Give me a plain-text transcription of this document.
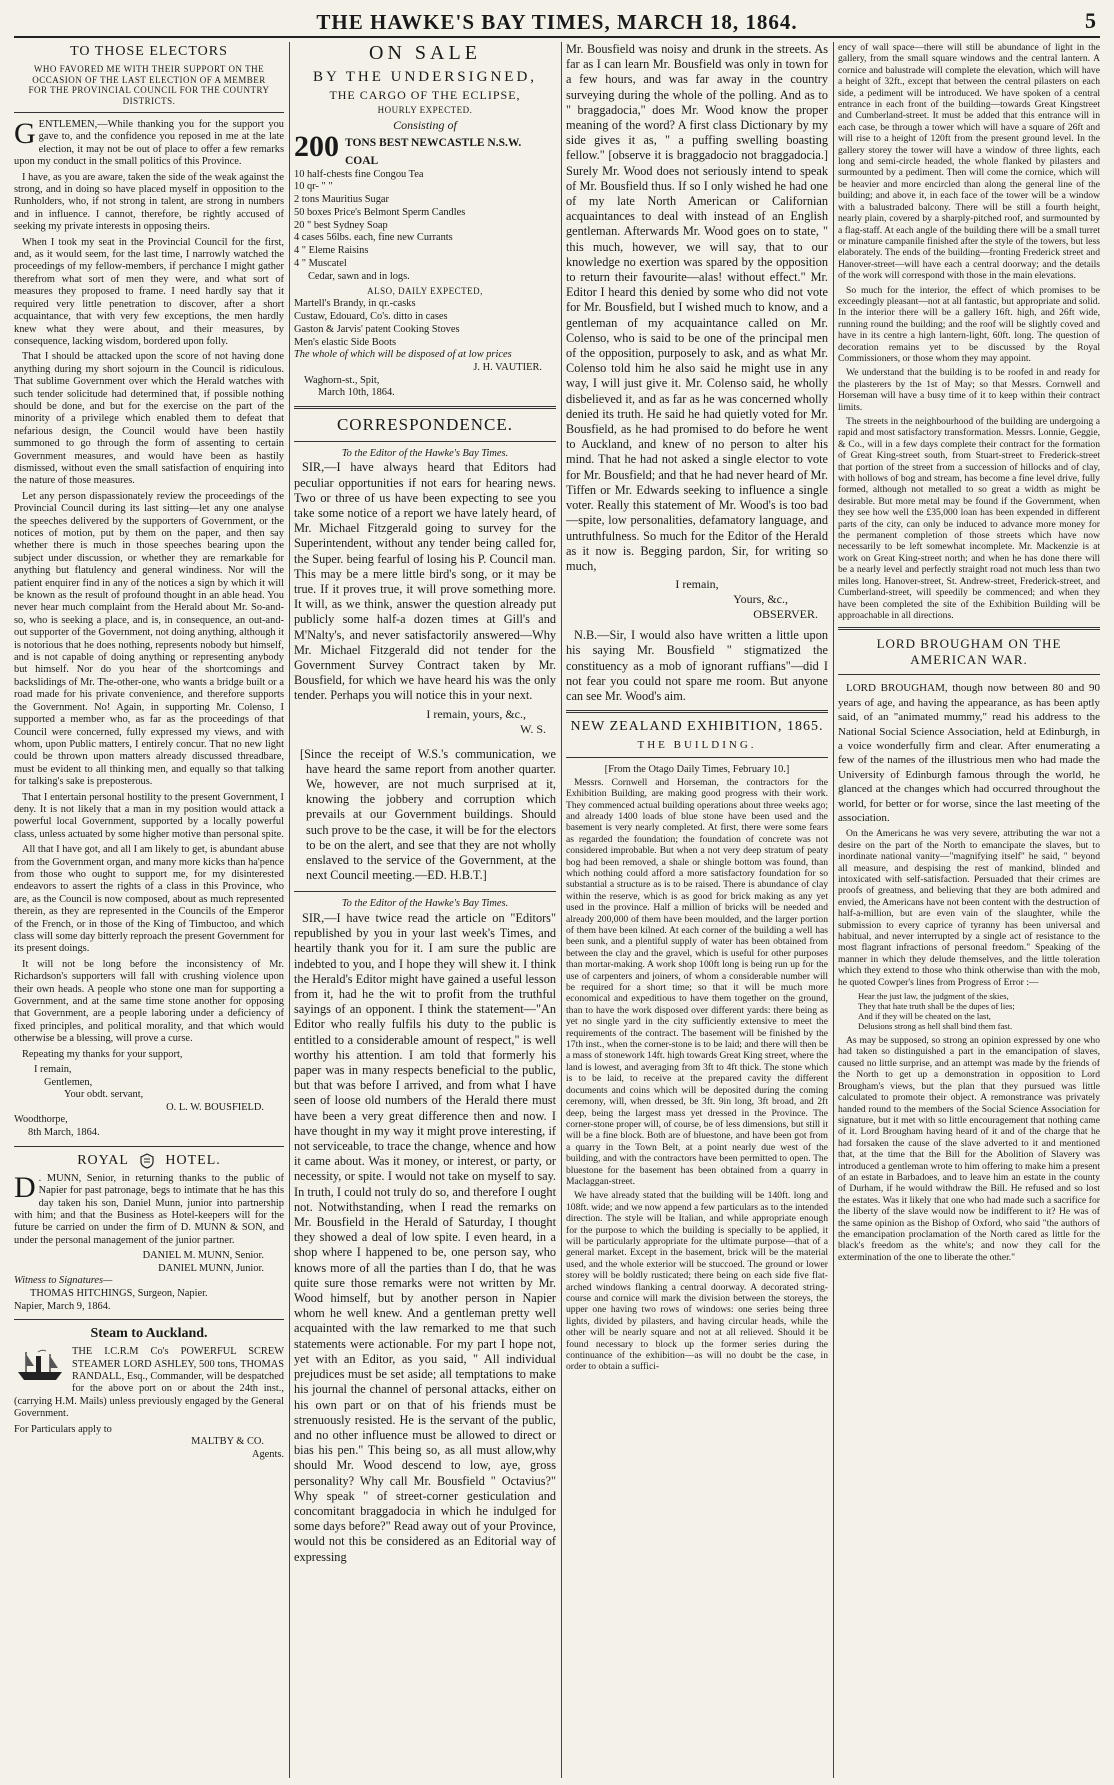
THE HAWKE'S BAY TIMES, MARCH 18, 1864.	5
TO THOSE ELECTORS
WHO FAVORED ME WITH THEIR SUPPORT ON THE OCCASION OF THE LAST ELECTION OF A MEMBER FOR THE PROVINCIAL COUNCIL FOR THE COUNTRY DISTRICTS.

GENTLEMEN,—While thanking you for the support you gave to, and the confidence you reposed in me at the late election, it may not be out of place to offer a few remarks upon my conduct in the small politics of this Province.

I have, as you are aware, taken the side of the weak against the strong, and in doing so have placed myself in opposition to the Runholders, who, if not strong in talent, are strong in numbers and in influence. I cannot, therefore, be rightly accused of seeking my private interests in opposing theirs.

When I took my seat in the Provincial Council for the first, and, as it would seem, for the last time, I narrowly watched the proceedings of my fellow-members, if perchance I might gather therefrom what sort of men they were, and what sort of measures they proposed to frame. I need hardly say that it required very little penetration to discover, after a short acquaintance, that with very few exceptions, the men hardly knew what they were about, and their measures, by consequence, lacking wisdom, bordered upon folly.

That I should be attacked upon the score of not having done anything during my short sojourn in the Council is ridiculous. That sublime Government over which the Herald watches with such tender solicitude had determined that, if possible nothing should be done, and but for the exercise on the part of the minority of a privilege which enabled them to defeat that nefarious design, the Council would have been hastily summoned to go through the form of assenting to certain Government measures, and would have been as hastily dismissed, without even the small satisfaction of enquiring into the nature of those measures.

Let any person dispassionately review the proceedings of the Provincial Council during its last sitting—let any one analyse the speeches delivered by the supporters of Government, or the notices of motion, put by them on the paper, and then say whether there is much in those speeches bearing upon the subject under discussion, or whether they are remarkable for anything but flatulency and general windiness. Nor will the patient enquirer find in any of the notices a sign by which it will be known as the result of profound thought in an able head. You never hear much complaint from the Herald about Mr. So-and-so, who is seeking a place, and is, in consequence, an out-and-out supporter of the Government, not doing anything, although it is notorious that he does nothing, represents nobody but himself, and is not capable of doing anything or representing anybody but himself. Nor do you hear of the shortcomings and backslidings of Mr. The-other-one, who wants a bridge built or a road made for his private convenience, and therefore supports the Government. No! Again, in supporting Mr. Colenso, I supported a member who, as far as the proceedings of that Council were concerned, fully expressed my views, and with whom, upon Public matters, I entirely concur. That no new light could be thrown upon matters already discussed threadbare, must be evident to all thinking men, and equally so that talking for talking's sake is preposterous.

That I entertain personal hostility to the present Government, I deny. It is not likely that a man in my position would attack a powerful local Government, supported by a locally powerful class, unless actuated by some higher motive than personal spite.

All that I have got, and all I am likely to get, is abundant abuse from the Government organ, and many more kicks than ha'pence from those who ought to support me, for my disinterested endeavors to assert the rights of a class in this Province, who are, as the Council is now composed, about as much represented therein, as they are represented in the Councils of the Emperor of the French, or in those of the King of Timbuctoo, and which class will some day bitterly reproach the present Government for its present doings.

It will not be long before the inconsistency of Mr. Richardson's supporters will fall with crushing violence upon their own heads. A people who stone one man for supporting a Government, and at the same time stone another for opposing that Government, are a people laboring under a deficiency of fixed principles, and political morality, and that which would otherwise be a blessing, will prove a curse.

Repeating my thanks for your support,

I remain,
Gentlemen,
Your obdt. servant,
O. L. W. BOUSFIELD.
Woodthorpe,
8th March, 1864.
ROYAL	HOTEL.

D . MUNN, Senior, in returning thanks to the public of Napier for past patronage, begs to intimate that he has this day taken his son, Daniel Munn, junior into partnership with him; and that the Business as Hotel-keepers will for the future be carried on under the firm of D. MUNN & SON, and under the personal management of the junior partner.

DANIEL M. MUNN, Senior.
DANIEL MUNN, Junior.
Witness to Signatures—
THOMAS HITCHINGS, Surgeon, Napier.
Napier, March 9, 1864.
Steam to Auckland.

THE I.C.R.M Co's POWERFUL SCREW STEAMER LORD ASHLEY, 500 tons, THOMAS RANDALL, Esq., Commander, will be despatched for the above port on or about the 24th inst., (carrying H.M. Mails) unless previously engaged by the General Government.

For Particulars apply to
MALTBY & CO.
Agents.
ON SALE
BY THE UNDERSIGNED,
THE CARGO OF THE ECLIPSE,
HOURLY EXPECTED.
Consisting of
200 TONS BEST NEWCASTLE N.S.W. COAL
10 half-chests fine Congou Tea
10 qr- " "
2 tons Mauritius Sugar
50 boxes Price's Belmont Sperm Candles
20 " best Sydney Soap
4 cases 56lbs. each, fine new Currants
4 " Eleme Raisins
4 " Muscatel
Cedar, sawn and in logs.
ALSO, DAILY EXPECTED,
Martell's Brandy, in qr.-casks
Custaw, Edouard, Co's. ditto in cases
Gaston & Jarvis' patent Cooking Stoves
Men's elastic Side Boots
The whole of which will be disposed of at low prices
J. H. VAUTIER.
Waghorn-st., Spit,
March 10th, 1864.
CORRESPONDENCE.
To the Editor of the Hawke's Bay Times.

SIR,—I have always heard that Editors had peculiar opportunities if not ears for hearing news. Two or three of us have been expecting to see you take some notice of a report we have lately heard, of Mr. Michael Fitzgerald going to survey for the Superintendent, without any tender being called for, the Super. being fearful of losing his P. Council man. This may be a mere little bird's song, or it may be true. If it proves true, it will prove something more. It will, as we think, answer the question already put publicly some half-a dozen times at Gill's and M'Nalty's, and never satisfactorily answered—Why Mr. Michael Fitzgerald did not tender for the Government Survey Contract taken by Mr. Bousfield, for which we have heard his was the only tender. Perhaps you will notice this in your next.

I remain, yours, &c.,
W. S.

[Since the receipt of W.S.'s communication, we have heard the same report from another quarter. We, however, are not much surprised at it, knowing the jobbery and corruption which prevails at our Government buildings. Should such prove to be the case, it will be for the electors to be on the alert, and see that they are not wholly enslaved to the service of the Government, at the next Council meeting.—ED. H.B.T.]

To the Editor of the Hawke's Bay Times.

SIR,—I have twice read the article on "Editors" republished by you in your last week's Times, and heartily thank you for it. I am sure the public are indebted to you, and I hope they will shew it. I think the Herald's Editor might have gained a useful lesson from it, had he the wit to profit from the truthful sayings of an opponent. I think the statement—"An Editor who really fulfils his duty to the public is entitled to a considerable amount of respect," is well worthy his attention. I am told that formerly his paper was in many respects beneficial to the public, but that was before I arrived, and from what I have seen of loose old numbers of the Herald there must have been a very great difference then and now. I have thought in my way it might prove interesting, if not serviceable, to trace the change, whence and how it came about. Was it money, or interest, or party, or necessity, or spite. I would not take on myself to say. In truth, I could not truly do so, and therefore I ought not. Notwithstanding, when I read the remarks on Mr. Bousfield in the Herald of Saturday, I thought they showed a deal of low spite. I even heard, in a shop where I happened to be, one person say, who knows more of all the parties than I do, that he was quite sure those remarks were not written by Mr. Wood himself, but by another person in Napier whom he well knew. And a gentleman pretty well acquainted with the law remarked to me that such statements were actionable. For my part I hope not, yet with an Editor, as you said, " All individual prejudices must be set aside; all temptations to make his journal the channel of personal attacks, either on his own part or on that of his friends must be strenuously resisted. He is the servant of the public, and no other influence must be allowed to direct or bias his pen." This being so, as all must allow,why should Mr. Wood descend to low, aye, gross personality? Why call Mr. Bousfield " Octavius?" Why speak " of street-corner gesticulation and concomitant braggadocia in which he indulged for some days before?" Read away out of your Province, would not this be considered as an Editorial way of expressing

Mr. Bousfield was noisy and drunk in the streets. As far as I can learn Mr. Bousfield was only in town for a few hours, and was far away in the country surveying during the whole of the polling. And as to " braggadocia," does Mr. Wood know the proper meaning of the word? A first class Dictionary by my side gives it as, " a puffing swelling boasting fellow." [observe it is braggadocio not braggadocia.] Surely Mr. Wood does not seriously intend to speak of Mr. Bousfield thus. If so I only wished he had one of my late North American or Californian acquaintances to deal with instead of an English gentleman. Afterwards Mr. Wood goes on to state, " this much, however, we will say, that to our knowledge no exertion was spared by the opposition to return their favourite—alas! without effect." Mr. Editor I heard this denied by some who did not vote for Mr. Bousfield, but I wished much to know, and a gentleman of my acquaintance called on Mr. Colenso, who is said to be one of the principal men of the opposition, purposely to ask, and as what Mr. Colenso told him he also said he might use in any way, I will just give it. Mr. Colenso said, he wholly disbelieved it, and as far as he was concerned wholly denied its truth. He said he had quietly voted for Mr. Bousfield, as he had promised to do before he went to Auckland, and knew of no person to alter his mind. That he had not asked a single elector to vote for Mr. Bousfield; and that he had never heard of Mr. Tiffen or Mr. Edwards seeking to influence a single voter. Really this statement of Mr. Wood's is too bad—spite, low personalities, defamatory language, and untruthfulness. So much for the Editor of the Herald as it now is. Begging pardon, Sir, for writing so much,

I remain,
Yours, &c.,
OBSERVER.

N.B.—Sir, I would also have written a little upon his saying Mr. Bousfield " stigmatized the constituency as a mob of ignorant ruffians"—did I not fear you could not spare me room. But anyone can see Mr. Wood's aim.

NEW ZEALAND EXHIBITION, 1865.
THE BUILDING.
[From the Otago Daily Times, February 10.]

Messrs. Cornwell and Horseman, the contractors for the Exhibition Building, are making good progress with their work. They commenced actual building operations about three weeks ago; and already 1400 loads of blue stone have been used and the basement is very nearly completed. At first, there were some fears as regarded the foundation; the foundation of concrete was not considered improbable. But when a not very deep stratum of peaty bog had been removed, a shale or shingle bottom was found, than which nothing could afford a more satisfactory foundation for so substantial a structure as is to be raised. There is abundance of clay within the reserve, which is as good for brick making as any yet used in the province. Half a million of bricks will be needed and already 200,000 of them have been moulded, and the larger portion of them have been kilned. At each corner of the building a well has been sunk, and a plentiful supply of water has been obtained from between the clay and the gravel, which is useful for other purposes than mortar-making. A work shop 100ft long is being run up for the use of carpenters and joiners, of whom a considerable number will be required for a short time; so that it will be much more economical and expeditious to have them together on the ground, than to have the work disposed over different yards: there being as yet no single yard in the city sufficiently extensive to meet the requirements of the contract. The basement will be finished by the 17th inst., when the corner-stone is to be laid; and there will then be a mass of stonework 14ft. high towards Great King street, where the land is lowest, and averaging from 3ft to 4ft thick. The stone which is to be laid, to receive at the prepared cavity the different documents and coins which will be deposited during the coming ceremony, will, when dressed, be 3ft. 9in long, 3ft broad, and 2ft deep, being the largest mass yet dressed in the Province. The corner-stone proper will, of course, be of less dimensions, but still it will be a fine block. Both are of bluestone, and have been got from a quarry in the Town Belt, at a point nearly due west of the building, and with the contractors have been permitted to open. The bluestone for the basement has been obtained from a quarry in Maclaggan-street.

We have already stated that the building will be 140ft. long and 108ft. wide; and we now append a few particulars as to the intended direction. The style will be Italian, and while appropriate enough for the purpose to which the building is specially to be applied, it will be particularly appropriate for the ultimate purpose—that of a general market. Except in the basement, brick will be the material used, and the whole exterior will be stuccoed. The ground or lower storey will be boldly rusticated; there being on each side five flat-arched windows flanking a central doorway. A decorated string-course and cornice will mark the division between the storeys, the upper one having two rows of windows: one series being three lights, divided by pilasters, and having circular heads, while the other will be nearly square and not at all relieved. Should it be found necessary to block up the former series during the continuance of the exhibition—as will no doubt be the case, in order to obtain a suffici-

ency of wall space—there will still be abundance of light in the gallery, from the small square windows and the central lantern. A cornice and balustrade will complete the elevation, which will have a height of 32ft., except that between the central pilasters on each side, a pediment will be introduced. We have spoken of a central entrance in each front of the building—towards Great Kingstreet and Cumberland-street. It must be added that this entrance will in each case, be through a tower which will have a square of 26ft and will rise to a height of 120ft from the present ground level. In the gallery storey the tower will have a window of three lights, each long and semi-circle headed, the whole flanked by pilasters and surmounted by a pediment. Then will come the cornice, which will be heavier and more encircled than along the general line of the building; and above it, in each face of the tower will be a window with a balustraded balcony. There will be still a fourth height, nearly plain, covered by a sharply-pitched roof, and surmounted by a flag-staff. At each angle of the building there will be a small turret or minature campanile finished after the style of the towers, but less elaborately. The ends of the building—fronting Frederick street and Hanover-street—will have each a central doorway; and the details of the work will correspond with those in the main elevations.

So much for the interior, the effect of which promises to be exceedingly pleasant—not at all fantastic, but appropriate and solid. In the interior there will be a gallery 16ft. high, and 26ft wide, running round the building; and the roof will be slightly coved and have in its centre a high lantern-light, 60ft. long. The question of decoration remains yet to be discussed by the Royal Commissioners, or those whom they may appoint.

We understand that the building is to be roofed in and ready for the plasterers by the 1st of May; so that Messrs. Cornwell and Horseman will have a busy time of it to keep within their contract limits.

The streets in the neighbourhood of the building are undergoing a rapid and most satisfactory transformation. Messrs. Lonnie, Geggie, & Co., will in a few days complete their contract for the formation of Great King-street south, from Stuart-street to Frederick-street that portion of the street from a succession of hillocks and of clay, with hollows of bog and stream, has become a fine level drive, fully formed, although not metalled to so great a width as might be desirable. But more metal may be found if the Government, when they see how well the £35,000 loan has been expended in different parts of the city, can only be induced to advance more money for the permanent completion of those streets which have now necessarily to be left somewhat incomplete. Mr. Mackenzie is at work on Great King-street north; and when he has done there will be a nearly level and perfectly straight road not much less than two miles long. Hanover-street, St. Andrew-street, Frederick-street, and Cumberland-street, will speedily be commenced; and when they have been completed the site of the Exhibition Building will be approachable in all directions.

LORD BROUGHAM ON THE AMERICAN WAR.

LORD BROUGHAM, though now between 80 and 90 years of age, and having the appearance, as has been aptly said, of an "animated mummy," read his address to the National Social Science Association, held at Edinburgh, in a voice wonderfully firm and clear. After enumerating a few of the names of the illustrious men who had made the University of Edinburgh famous through the world, he glanced at the changes which had occurred throughout the world, for better or for worse, since the last meeting of the association.

On the Americans he was very severe, attributing the war not a desire on the part of the North to emancipate the slaves, but to inordinate national vanity—"magnifying itself" he said, " beyond all measure, and despising the rest of mankind, blinded and intoxicated with self-satisfaction. Persuaded that their crimes are proofs of greatness, and believing that they are both admired and envied, the Americans have not been content with the destruction of half-a-million, but are even vain of the slaughter, while the submission to every caprice of tyranny has been universal and habitual, and never interrupted by a single act of resistance to the most flagrant infractions of personal freedom." Speaking of the manner in which they delude themselves, and the little toleration which they extend to those who think otherwise than with the mob, he quoted Cowper's lines from Progress of Error :—

Hear the just law, the judgment of the skies,
They that hate truth shall be the dupes of lies;
And if they will be cheated on the last,
Delusions strong as hell shall bind them fast.

As may be supposed, so strong an opinion expressed by one who had taken so distinguished a part in the emancipation of slaves, caused no little surprise, and an attempt was made by the friends of the North to get up a demonstration in opposition to Lord Brougham's views, but the plan that they pursued was little calculated to promote their object. A remonstrance was privately handed round to the members of the Social Science Association for signature, but it met with so little encouragement that nothing came of it. Lord Brougham having heard of it and of the charge that he had forsaken the cause of the slave adverted to it and mentioned that, at the time that the Bill for the Abolition of Slavery was introduced a gentleman wrote to him offering to make him a present of an estate in Barbadoes, and to leave him an estate in the county of Durham, if he would withdraw the Bill. He refused and so lost the estates. Was it likely that one who had made such a sacrifice for the liberty of the slave would now be indifferent to it? He was of the same opinion as the Bishop of Oxford, who said "the authors of the emancipation proclamation of the North cared as little for the black's freedom as the white's; and now they call for the extermination of the one to liberate the other."
